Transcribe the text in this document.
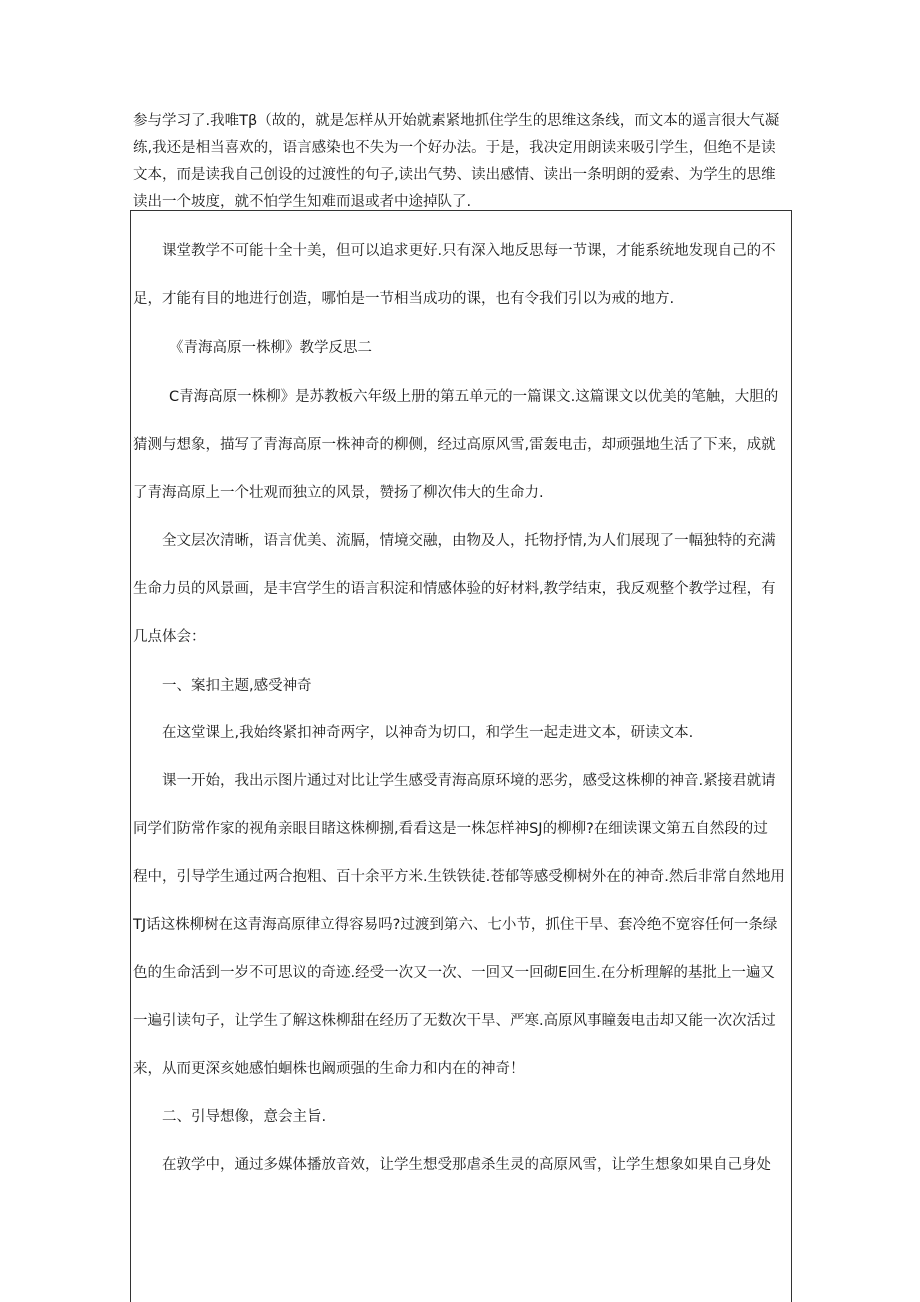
参与学习了.我唯Tβ（故的，就是怎样从开始就素紧地抓住学生的思维这条线，而文本的遥言很大气凝
练,我还是相当喜欢的，语言感染也不失为一个好办法。于是，我决定用朗读来吸引学生，但绝不是读
文本，而是读我自己创设的过渡性的句子,读出气势、读出感情、读出一条明朗的爱索、为学生的思维
读出一个坡度，就不怕学生知难而退或者中途掉队了.
课堂教学不可能十全十美，但可以追求更好.只有深入地反思每一节课，才能系统地发现自己的不
足，才能有目的地进行创造，哪怕是一节相当成功的课，也有令我们引以为戒的地方.
《青海高原一株柳》教学反思二
C青海高原一株柳》是苏教板六年级上册的第五单元的一篇课文.这篇课文以优美的笔触，大胆的
猜测与想象，描写了青海高原一株神奇的柳侧，经过高原风雪,雷轰电击，却顽强地生活了下来，成就
了青海高原上一个壮观而独立的风景，赞扬了柳次伟大的生命力.
全文层次清晰，语言优美、流膈，情境交融，由物及人，托物抒情,为人们展现了一幅独特的充满
生命力员的风景画，是丰宫学生的语言积淀和情感体验的好材料,教学结束，我反观整个教学过程，有
几点体会：
一、案扣主题,感受神奇
在这堂课上,我始终紧扣神奇两字，以神奇为切口，和学生一起走进文本，研读文本.
课一开始，我出示图片通过对比让学生感受青海高原环境的恶劣，感受这株柳的神音.紧接君就请
同学们防常作家的视角亲眼目睹这株柳捌,看看这是一株怎样神SJ的柳柳?在细读课文第五自然段的过
程中，引导学生通过两合抱粗、百十余平方米.生铁铁徒.苍郁等感受柳树外在的神奇.然后非常自然地用
TJ话这株柳树在这青海高原律立得容易吗?过渡到第六、七小节，抓住干旱、套冷绝不宽容任何一条绿
色的生命活到一岁不可思议的奇迹.经受一次又一次、一回又一回砌E回生.在分析理解的基批上一遍又
一遍引读句子，让学生了解这株柳甜在经历了无数次干旱、严寒.高原风事瞳轰电击却又能一次次活过
来，从而更深亥她感怕蛔株也阚顽强的生命力和内在的神奇！
二、引导想像，意会主旨.
在敦学中，通过多媒体播放音效，让学生想受那虐杀生灵的高原风雪，让学生想象如果自己身处
